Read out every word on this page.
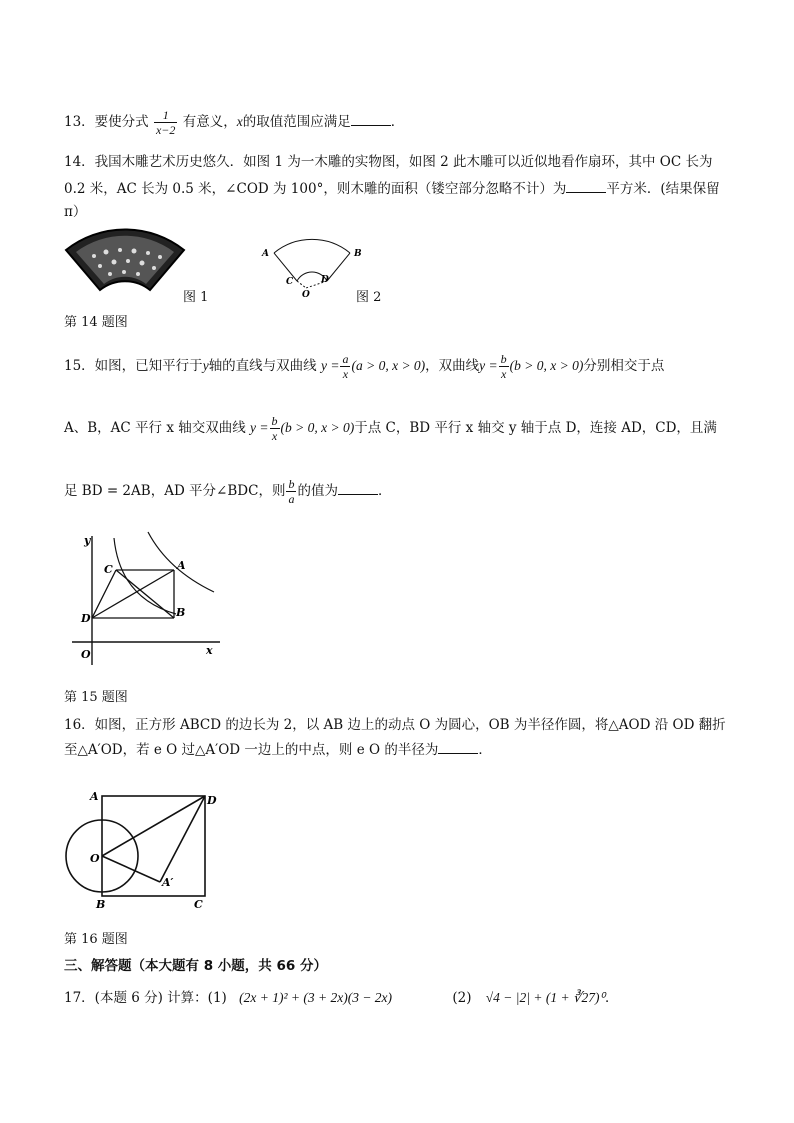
13．要使分式 $\frac{1}{x-2}$ 有意义，x的取值范围应满足	．
14．我国木雕艺术历史悠久．如图 1 为一木雕的实物图，如图 2 此木雕可以近似地看作扇环，其中 OC 长为
0.2 米，AC 长为 0.5 米，∠COD 为 100°，则木雕的面积（镂空部分忽略不计）为	平方米．(结果保留
π）
图 1
A	B
C	D
O	图 2
第 14 题图
15．如图，已知平行于y轴的直线与双曲线 $y = \frac{a}{x} (a > 0$, x > 0)，双曲线$y = \frac{b}{x} (b > 0$, x > 0)分别相交于点
A、B，AC 平行 x 轴交双曲线 $y = \frac{b}{x} (b > 0$, x > 0)于点 C，BD 平行 x 轴交 y 轴于点 D，连接 AD，CD，且满
足 BD = 2AB，AD 平分∠BDC，则 $\frac{b}{a}$ 的值为	．
y
x
O
A
B
C
D
第 15 题图
16．如图，正方形 ABCD 的边长为 2，以 AB 边上的动点 O 为圆心，OB 为半径作圆，将△AOD 沿 OD 翻折
至△A′OD，若 e O 过△A′OD 一边上的中点，则 e O 的半径为	．
A	D
O
A′
B	C
第 16 题图
三、解答题（本大题有 8 小题，共 66 分）
17．(本题 6 分) 计算：(1) (2x + 1)² + (3 + 2x)(3 − 2x)	(2) √4 − |2| + (1 + ∛27)⁰．
